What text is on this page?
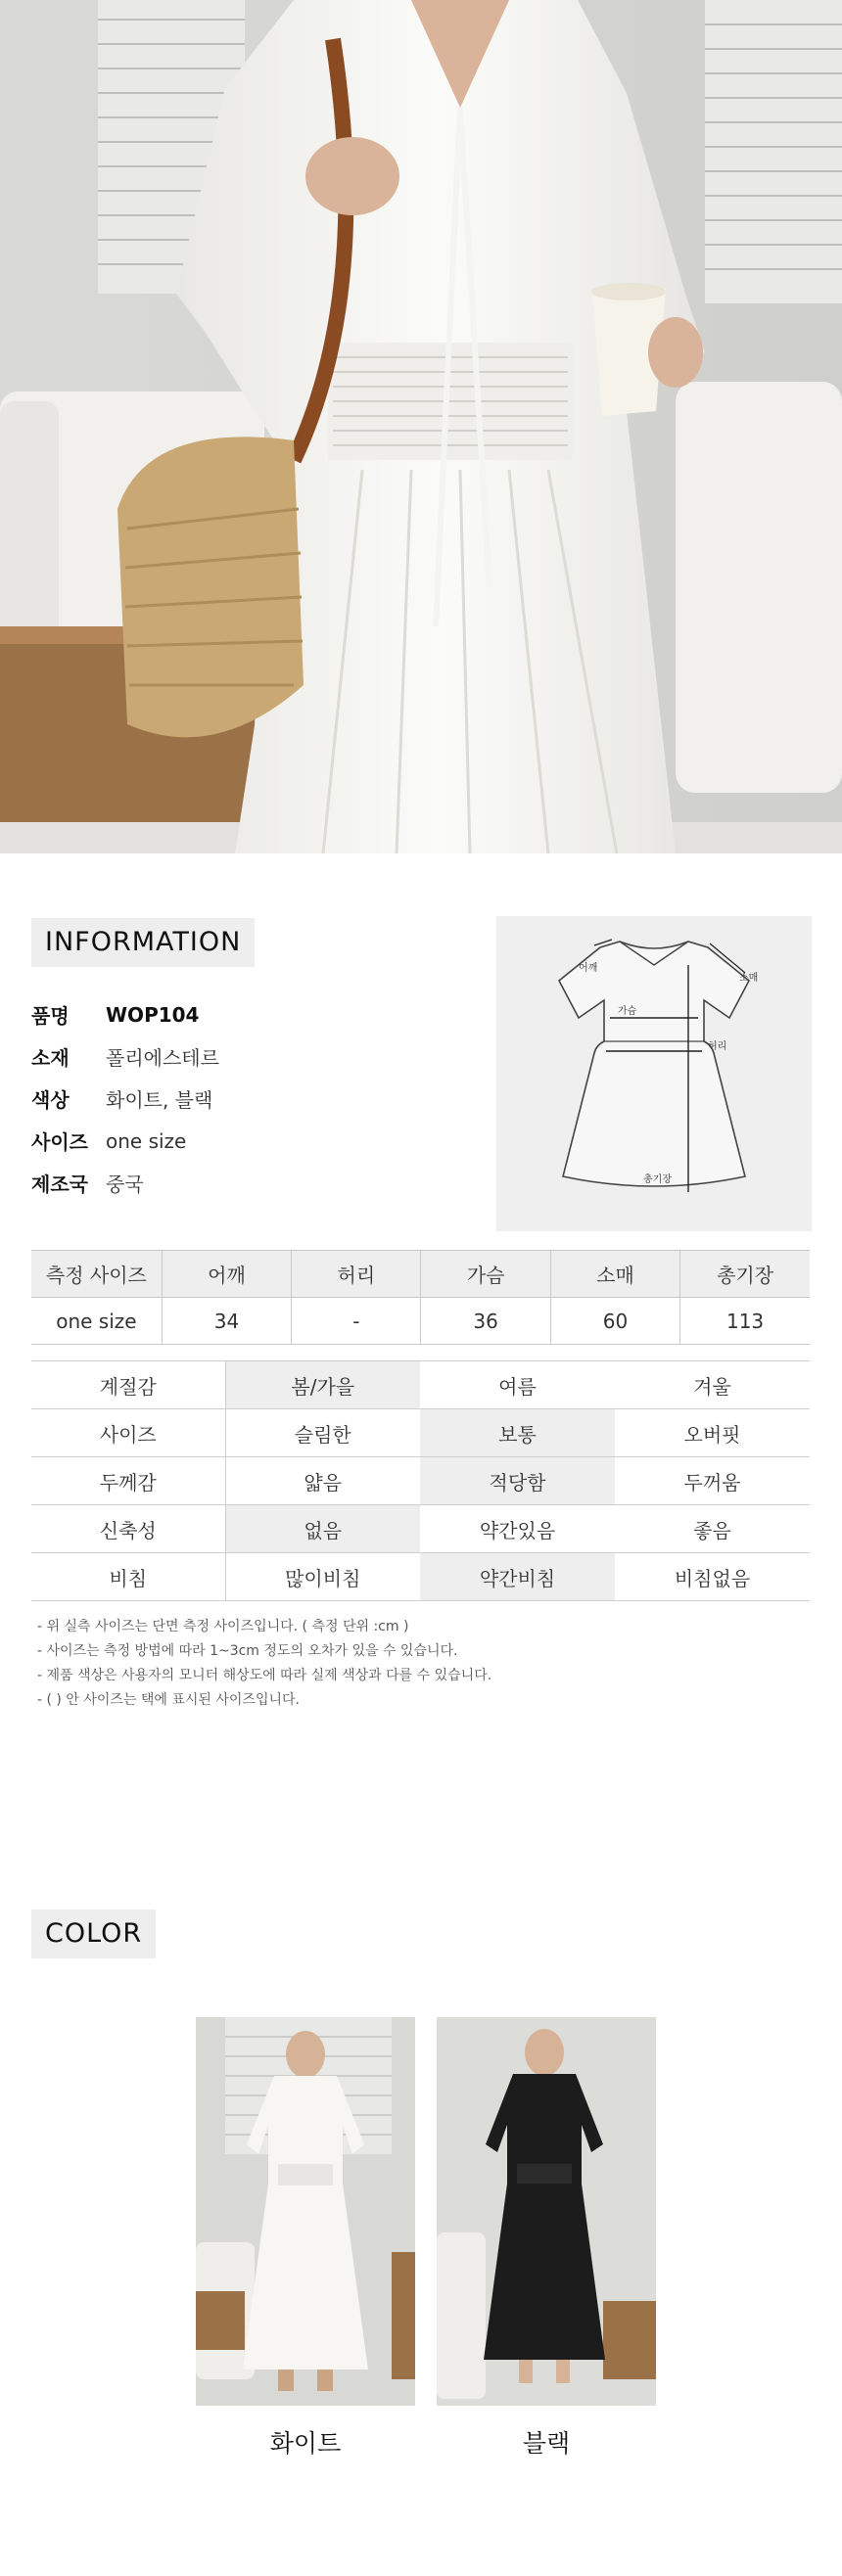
INFORMATION
품명	WOP104
소재	폴리에스테르
색상	화이트, 블랙
사이즈 one size
제조국 중국
어깨
소매
가슴
허리
총기장
측정 사이즈	어깨	허리	가슴	소매	총기장
one size	34	-	36	60	113
계절감	봄/가을	여름	겨울
사이즈	슬림한	보통	오버핏
두께감	얇음	적당함	두꺼움
신축성	없음	약간있음	좋음
비침	많이비침	약간비침	비침없음

- 위 실측 사이즈는 단면 측정 사이즈입니다. ( 측정 단위 :cm )

- 사이즈는 측정 방법에 따라 1~3cm 정도의 오차가 있을 수 있습니다.

- 제품 색상은 사용자의 모니터 해상도에 따라 실제 색상과 다를 수 있습니다.

- ( ) 안 사이즈는 택에 표시된 사이즈입니다.

COLOR
화이트	블랙
